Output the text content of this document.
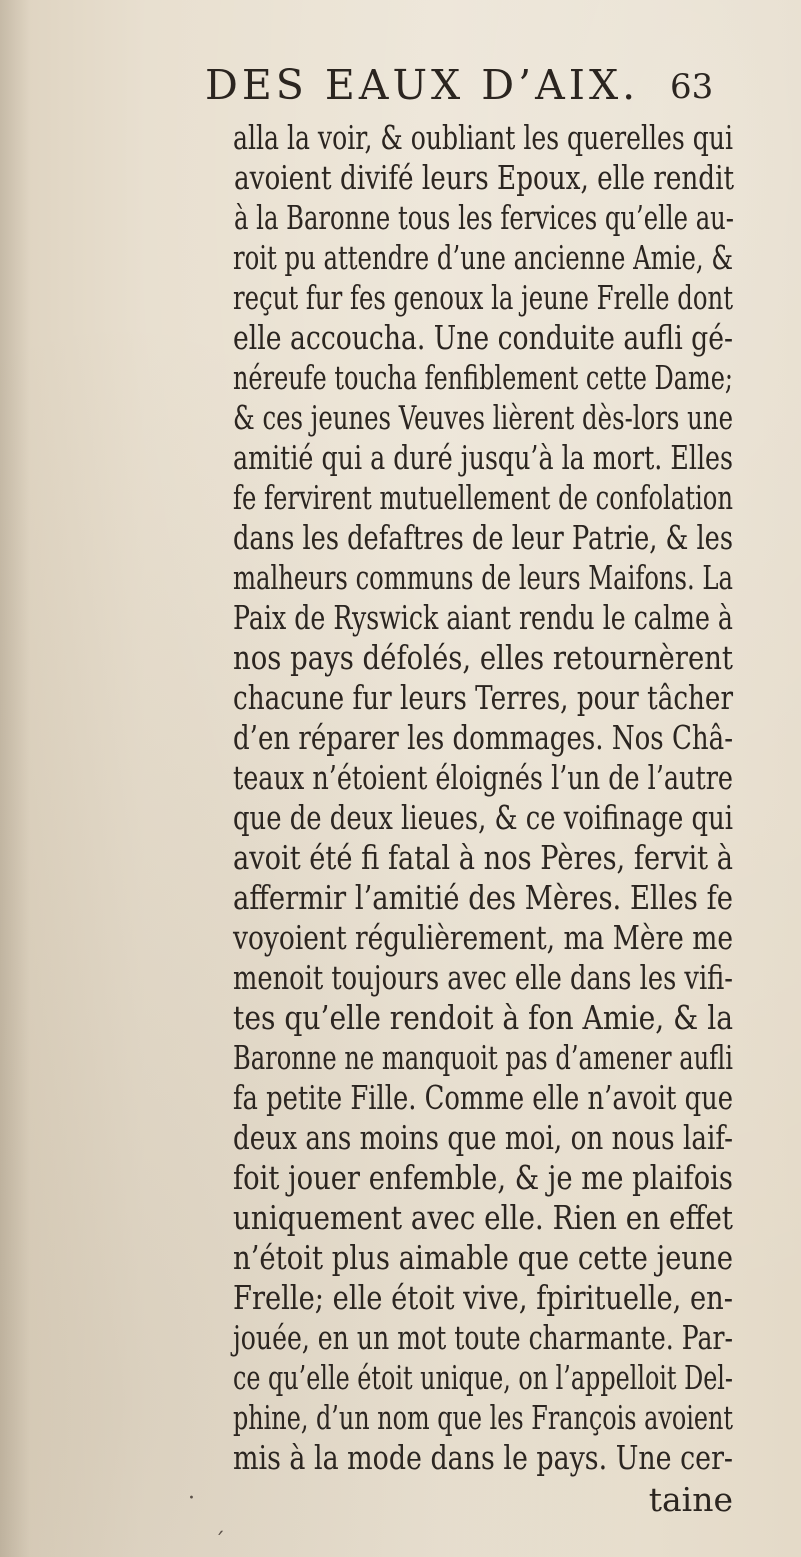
DES EAUX D’AIX. 63
alla la voir, & oubliant les querelles qui
avoient divifé leurs Epoux, elle rendit
à la Baronne tous les fervices qu’elle au-
roit pu attendre d’une ancienne Amie, &
reçut fur fes genoux la jeune Frelle dont
elle accoucha. Une conduite aufli gé-
néreufe toucha fenfiblement cette Dame;
& ces jeunes Veuves lièrent dès-lors une
amitié qui a duré jusqu’à la mort. Elles
fe fervirent mutuellement de confolation
dans les defaftres de leur Patrie, & les
malheurs communs de leurs Maifons. La
Paix de Ryswick aiant rendu le calme à
nos pays défolés, elles retournèrent
chacune fur leurs Terres, pour tâcher
d’en réparer les dommages. Nos Châ-
teaux n’étoient éloignés l’un de l’autre
que de deux lieues, & ce voifinage qui
avoit été fi fatal à nos Pères, fervit à
affermir l’amitié des Mères. Elles fe
voyoient régulièrement, ma Mère me
menoit toujours avec elle dans les vifi-
tes qu’elle rendoit à fon Amie, & la
Baronne ne manquoit pas d’amener aufli
fa petite Fille. Comme elle n’avoit que
deux ans moins que moi, on nous laif-
foit jouer enfemble, & je me plaifois
uniquement avec elle. Rien en effet
n’étoit plus aimable que cette jeune
Frelle; elle étoit vive, fpirituelle, en-
jouée, en un mot toute charmante. Par-
ce qu’elle étoit unique, on l’appelloit Del-
phine, d’un nom que les François avoient
mis à la mode dans le pays. Une cer-
taine
·
ˊ
